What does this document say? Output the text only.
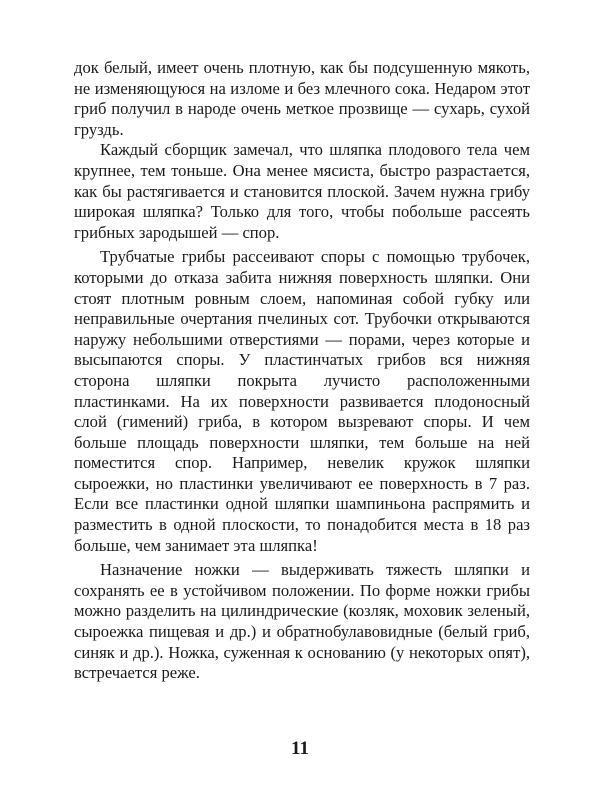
док белый, имеет очень плотную, как бы подсушенную мякоть, не изменяющуюся на изломе и без млечного сока. Недаром этот гриб получил в народе очень меткое прозвище — сухарь, сухой груздь.

Каждый сборщик замечал, что шляпка плодового тела чем крупнее, тем тоньше. Она менее мясиста, быстро разрастается, как бы растягивается и становится плоской. Зачем нужна грибу широкая шляпка? Только для того, чтобы побольше рассеять грибных зародышей — спор.

Трубчатые грибы рассеивают споры с помощью трубочек, которыми до отказа забита нижняя поверхность шляпки. Они стоят плотным ровным слоем, напоминая собой губку или неправильные очертания пчелиных сот. Трубочки открываются наружу небольшими отверстиями — порами, через которые и высыпаются споры. У пластинчатых грибов вся нижняя сторона шляпки покрыта лучисто расположенными пластинками. На их поверхности развивается плодоносный слой (гимений) гриба, в котором вызревают споры. И чем больше площадь поверхности шляпки, тем больше на ней поместится спор. Например, невелик кружок шляпки сыроежки, но пластинки увеличивают ее поверхность в 7 раз. Если все пластинки одной шляпки шампиньона распрямить и разместить в одной плоскости, то понадобится места в 18 раз больше, чем занимает эта шляпка!

Назначение ножки — выдерживать тяжесть шляпки и сохранять ее в устойчивом положении. По форме ножки грибы можно разделить на цилиндрические (козляк, моховик зеленый, сыроежка пищевая и др.) и обратнобулавовидные (белый гриб, синяк и др.). Ножка, суженная к основанию (у некоторых опят), встречается реже.

11
